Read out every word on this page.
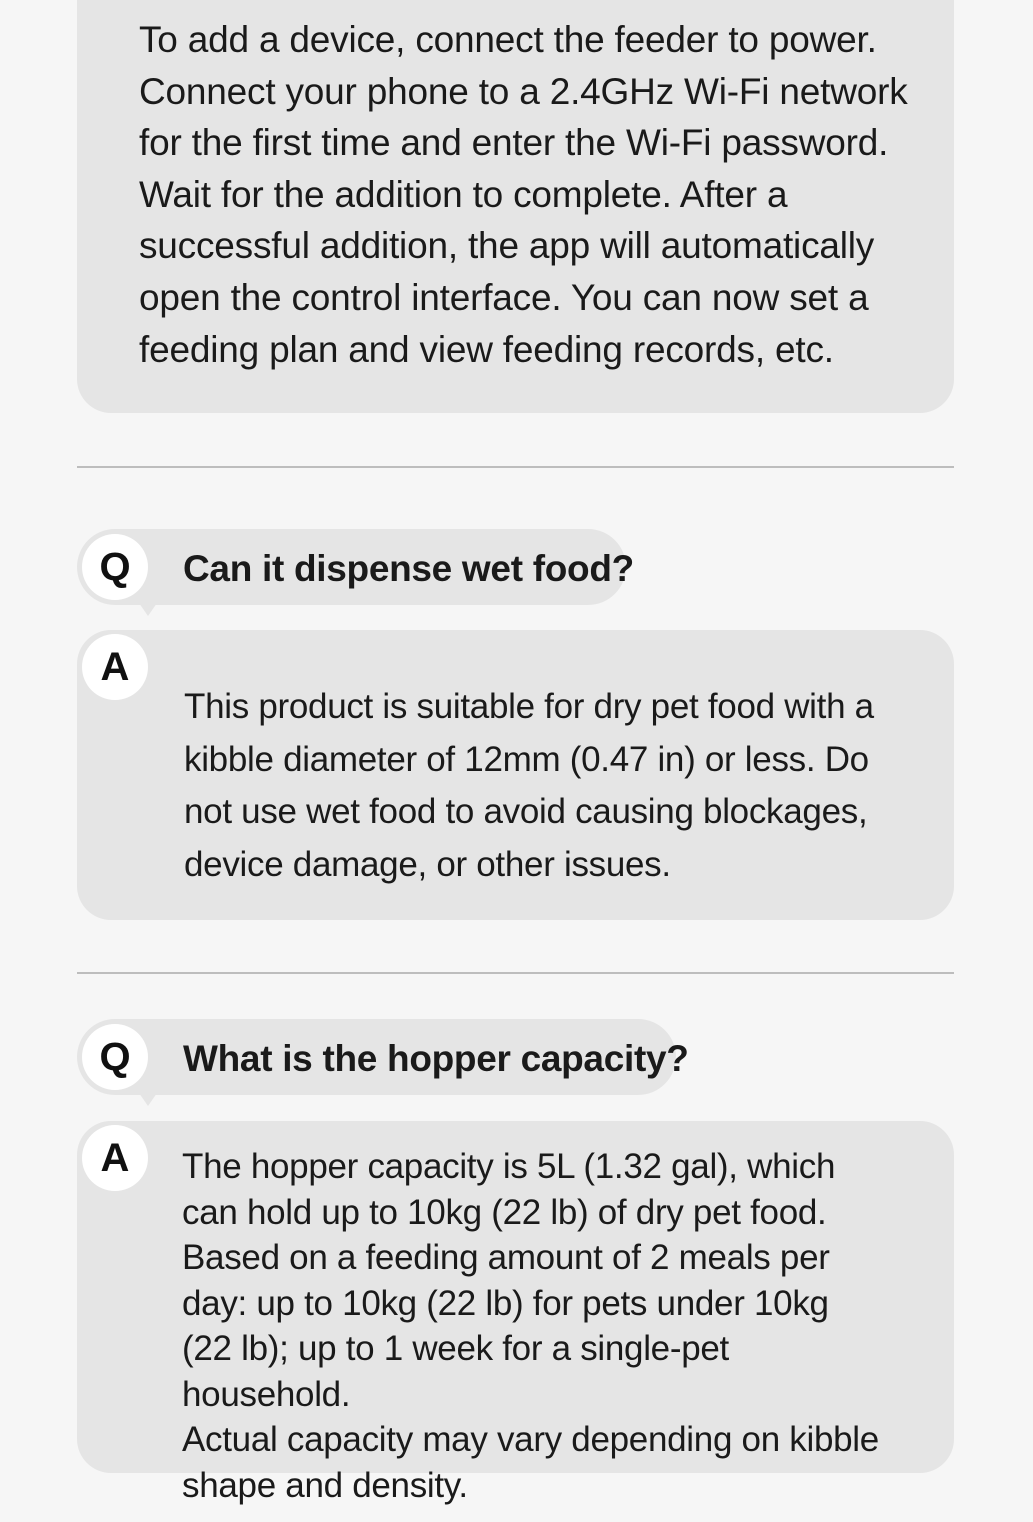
To add a device, connect the feeder to power. Connect your phone to a 2.4GHz Wi-Fi network for the first time and enter the Wi-Fi password. Wait for the addition to complete. After a successful addition, the app will automatically open the control interface. You can now set a feeding plan and view feeding records, etc.

Q	Can it dispense wet food?

A

This product is suitable for dry pet food with a kibble diameter of 12mm (0.47 in) or less. Do not use wet food to avoid causing blockages, device damage, or other issues.

Q	What is the hopper capacity?

A	The hopper capacity is 5L (1.32 gal), which can hold up to 10kg (22 lb) of dry pet food.
Based on a feeding amount of 2 meals per day: up to 10kg (22 lb) for pets under 10kg (22 lb); up to 1 week for a single-pet household.
Actual capacity may vary depending on kibble shape and density.
